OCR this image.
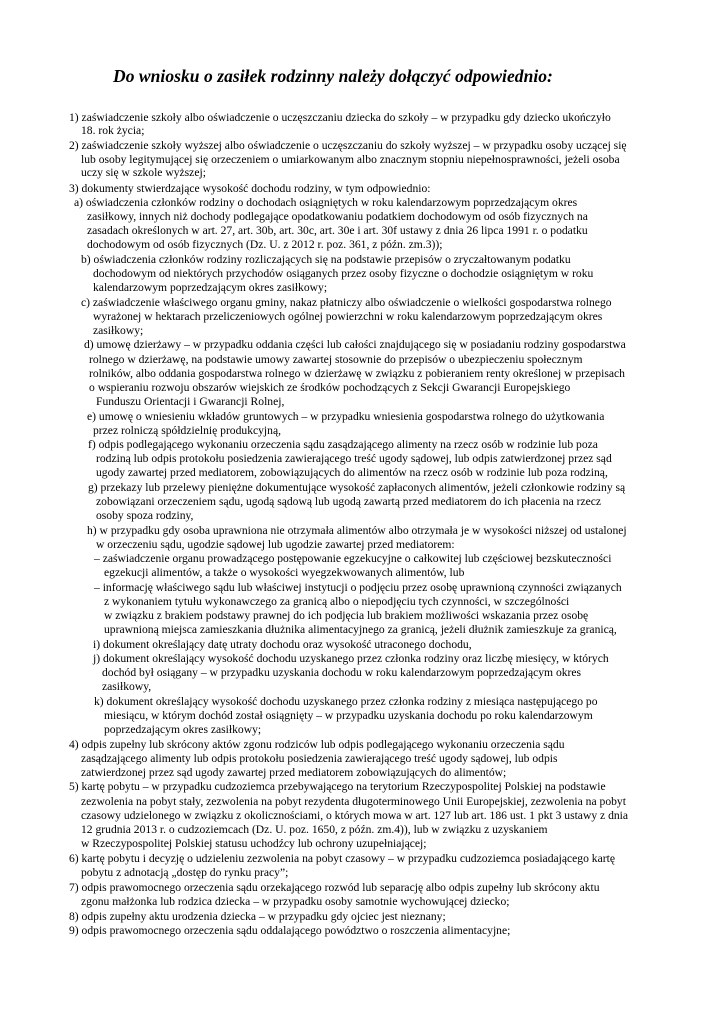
Do wniosku o zasiłek rodzinny należy dołączyć odpowiednio:
1) zaświadczenie szkoły albo oświadczenie o uczęszczaniu dziecka do szkoły – w przypadku gdy dziecko ukończyło
18. rok życia;
2) zaświadczenie szkoły wyższej albo oświadczenie o uczęszczaniu do szkoły wyższej – w przypadku osoby uczącej się
lub osoby legitymującej się orzeczeniem o umiarkowanym albo znacznym stopniu niepełnosprawności, jeżeli osoba
uczy się w szkole wyższej;
3) dokumenty stwierdzające wysokość dochodu rodziny, w tym odpowiednio:
a) oświadczenia członków rodziny o dochodach osiągniętych w roku kalendarzowym poprzedzającym okres
zasiłkowy, innych niż dochody podlegające opodatkowaniu podatkiem dochodowym od osób fizycznych na
zasadach określonych w art. 27, art. 30b, art. 30c, art. 30e i art. 30f ustawy z dnia 26 lipca 1991 r. o podatku
dochodowym od osób fizycznych (Dz. U. z 2012 r. poz. 361, z późn. zm.3));
b) oświadczenia członków rodziny rozliczających się na podstawie przepisów o zryczałtowanym podatku
dochodowym od niektórych przychodów osiąganych przez osoby fizyczne o dochodzie osiągniętym w roku
kalendarzowym poprzedzającym okres zasiłkowy;
c) zaświadczenie właściwego organu gminy, nakaz płatniczy albo oświadczenie o wielkości gospodarstwa rolnego
wyrażonej w hektarach przeliczeniowych ogólnej powierzchni w roku kalendarzowym poprzedzającym okres
zasiłkowy;
d) umowę dzierżawy – w przypadku oddania części lub całości znajdującego się w posiadaniu rodziny gospodarstwa
rolnego w dzierżawę, na podstawie umowy zawartej stosownie do przepisów o ubezpieczeniu społecznym
rolników, albo oddania gospodarstwa rolnego w dzierżawę w związku z pobieraniem renty określonej w przepisach
o wspieraniu rozwoju obszarów wiejskich ze środków pochodzących z Sekcji Gwarancji Europejskiego
Funduszu Orientacji i Gwarancji Rolnej,
e) umowę o wniesieniu wkładów gruntowych – w przypadku wniesienia gospodarstwa rolnego do użytkowania
przez rolniczą spółdzielnię produkcyjną,
f) odpis podlegającego wykonaniu orzeczenia sądu zasądzającego alimenty na rzecz osób w rodzinie lub poza
rodziną lub odpis protokołu posiedzenia zawierającego treść ugody sądowej, lub odpis zatwierdzonej przez sąd
ugody zawartej przed mediatorem, zobowiązujących do alimentów na rzecz osób w rodzinie lub poza rodziną,
g) przekazy lub przelewy pieniężne dokumentujące wysokość zapłaconych alimentów, jeżeli członkowie rodziny są
zobowiązani orzeczeniem sądu, ugodą sądową lub ugodą zawartą przed mediatorem do ich płacenia na rzecz
osoby spoza rodziny,
h) w przypadku gdy osoba uprawniona nie otrzymała alimentów albo otrzymała je w wysokości niższej od ustalonej
w orzeczeniu sądu, ugodzie sądowej lub ugodzie zawartej przed mediatorem:
– zaświadczenie organu prowadzącego postępowanie egzekucyjne o całkowitej lub częściowej bezskuteczności
egzekucji alimentów, a także o wysokości wyegzekwowanych alimentów, lub
– informację właściwego sądu lub właściwej instytucji o podjęciu przez osobę uprawnioną czynności związanych
z wykonaniem tytułu wykonawczego za granicą albo o niepodjęciu tych czynności, w szczególności
w związku z brakiem podstawy prawnej do ich podjęcia lub brakiem możliwości wskazania przez osobę
uprawnioną miejsca zamieszkania dłużnika alimentacyjnego za granicą, jeżeli dłużnik zamieszkuje za granicą,
i) dokument określający datę utraty dochodu oraz wysokość utraconego dochodu,
j) dokument określający wysokość dochodu uzyskanego przez członka rodziny oraz liczbę miesięcy, w których
dochód był osiągany – w przypadku uzyskania dochodu w roku kalendarzowym poprzedzającym okres
zasiłkowy,
k) dokument określający wysokość dochodu uzyskanego przez członka rodziny z miesiąca następującego po
miesiącu, w którym dochód został osiągnięty – w przypadku uzyskania dochodu po roku kalendarzowym
poprzedzającym okres zasiłkowy;
4) odpis zupełny lub skrócony aktów zgonu rodziców lub odpis podlegającego wykonaniu orzeczenia sądu
zasądzającego alimenty lub odpis protokołu posiedzenia zawierającego treść ugody sądowej, lub odpis
zatwierdzonej przez sąd ugody zawartej przed mediatorem zobowiązujących do alimentów;
5) kartę pobytu – w przypadku cudzoziemca przebywającego na terytorium Rzeczypospolitej Polskiej na podstawie
zezwolenia na pobyt stały, zezwolenia na pobyt rezydenta długoterminowego Unii Europejskiej, zezwolenia na pobyt
czasowy udzielonego w związku z okolicznościami, o których mowa w art. 127 lub art. 186 ust. 1 pkt 3 ustawy z dnia
12 grudnia 2013 r. o cudzoziemcach (Dz. U. poz. 1650, z późn. zm.4)), lub w związku z uzyskaniem
w Rzeczypospolitej Polskiej statusu uchodźcy lub ochrony uzupełniającej;
6) kartę pobytu i decyzję o udzieleniu zezwolenia na pobyt czasowy – w przypadku cudzoziemca posiadającego kartę
pobytu z adnotacją „dostęp do rynku pracy”;
7) odpis prawomocnego orzeczenia sądu orzekającego rozwód lub separację albo odpis zupełny lub skrócony aktu
zgonu małżonka lub rodzica dziecka – w przypadku osoby samotnie wychowującej dziecko;
8) odpis zupełny aktu urodzenia dziecka – w przypadku gdy ojciec jest nieznany;
9) odpis prawomocnego orzeczenia sądu oddalającego powództwo o roszczenia alimentacyjne;
